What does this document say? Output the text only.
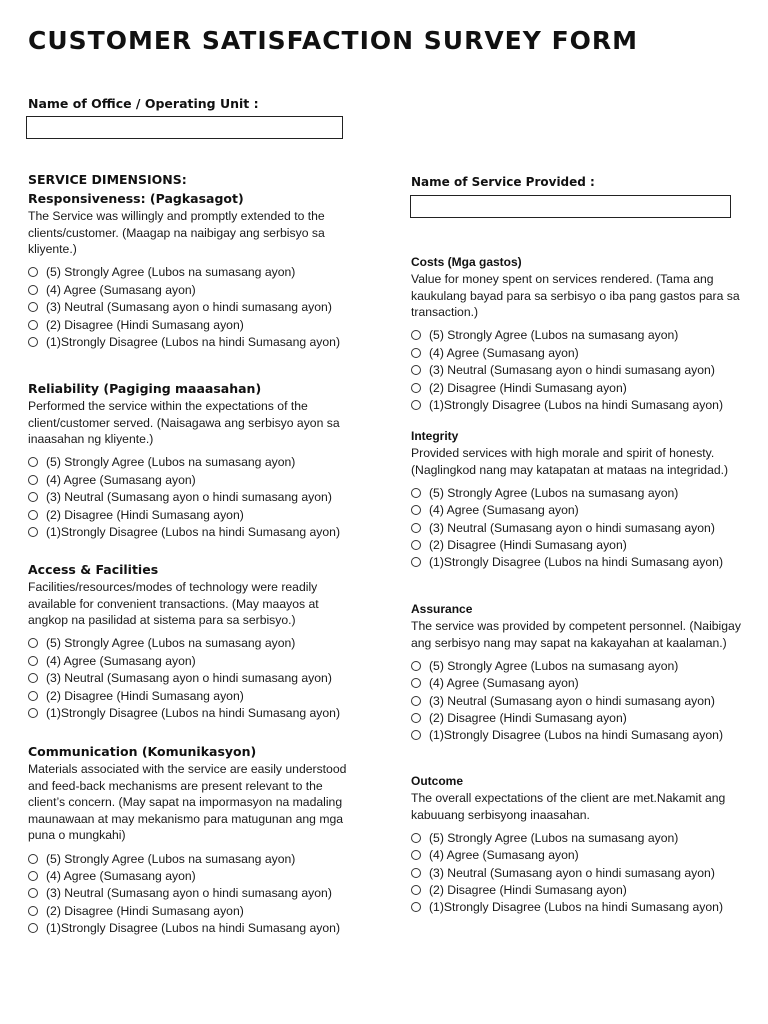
CUSTOMER SATISFACTION SURVEY FORM
Name of Office / Operating Unit :
Name of Service Provided :
SERVICE DIMENSIONS:
Responsiveness: (Pagkasagot)
The Service was willingly and promptly extended to the clients/customer. (Maagap na naibigay ang serbisyo sa kliyente.)
(5) Strongly Agree (Lubos na sumasang ayon)
(4) Agree (Sumasang ayon)
(3) Neutral (Sumasang ayon o hindi sumasang ayon)
(2) Disagree (Hindi Sumasang ayon)
(1)Strongly Disagree (Lubos na hindi Sumasang ayon)
Reliability (Pagiging maaasahan)
Performed the service within the expectations of the client/customer served. (Naisagawa ang serbisyo ayon sa inaasahan ng kliyente.)
(5) Strongly Agree (Lubos na sumasang ayon)
(4) Agree (Sumasang ayon)
(3) Neutral (Sumasang ayon o hindi sumasang ayon)
(2) Disagree (Hindi Sumasang ayon)
(1)Strongly Disagree (Lubos na hindi Sumasang ayon)
Access & Facilities
Facilities/resources/modes of technology were readily available for convenient transactions. (May maayos at angkop na pasilidad at sistema para sa serbisyo.)
(5) Strongly Agree (Lubos na sumasang ayon)
(4) Agree (Sumasang ayon)
(3) Neutral (Sumasang ayon o hindi sumasang ayon)
(2) Disagree (Hindi Sumasang ayon)
(1)Strongly Disagree (Lubos na hindi Sumasang ayon)
Communication (Komunikasyon)
Materials associated with the service are easily understood and feed-back mechanisms are present relevant to the client’s concern. (May sapat na impormasyon na madaling maunawaan at may mekanismo para matugunan ang mga puna o mungkahi)
(5) Strongly Agree (Lubos na sumasang ayon)
(4) Agree (Sumasang ayon)
(3) Neutral (Sumasang ayon o hindi sumasang ayon)
(2) Disagree (Hindi Sumasang ayon)
(1)Strongly Disagree (Lubos na hindi Sumasang ayon)
Costs (Mga gastos)
Value for money spent on services rendered. (Tama ang kaukulang bayad para sa serbisyo o iba pang gastos para sa transaction.)
(5) Strongly Agree (Lubos na sumasang ayon)
(4) Agree (Sumasang ayon)
(3) Neutral (Sumasang ayon o hindi sumasang ayon)
(2) Disagree (Hindi Sumasang ayon)
(1)Strongly Disagree (Lubos na hindi Sumasang ayon)
Integrity
Provided services with high morale and spirit of honesty. (Naglingkod nang may katapatan at mataas na integridad.)
(5) Strongly Agree (Lubos na sumasang ayon)
(4) Agree (Sumasang ayon)
(3) Neutral (Sumasang ayon o hindi sumasang ayon)
(2) Disagree (Hindi Sumasang ayon)
(1)Strongly Disagree (Lubos na hindi Sumasang ayon)
Assurance
The service was provided by competent personnel. (Naibigay ang serbisyo nang may sapat na kakayahan at kaalaman.)
(5) Strongly Agree (Lubos na sumasang ayon)
(4) Agree (Sumasang ayon)
(3) Neutral (Sumasang ayon o hindi sumasang ayon)
(2) Disagree (Hindi Sumasang ayon)
(1)Strongly Disagree (Lubos na hindi Sumasang ayon)
Outcome
The overall expectations of the client are met.Nakamit ang kabuuang serbisyong inaasahan.
(5) Strongly Agree (Lubos na sumasang ayon)
(4) Agree (Sumasang ayon)
(3) Neutral (Sumasang ayon o hindi sumasang ayon)
(2) Disagree (Hindi Sumasang ayon)
(1)Strongly Disagree (Lubos na hindi Sumasang ayon)
